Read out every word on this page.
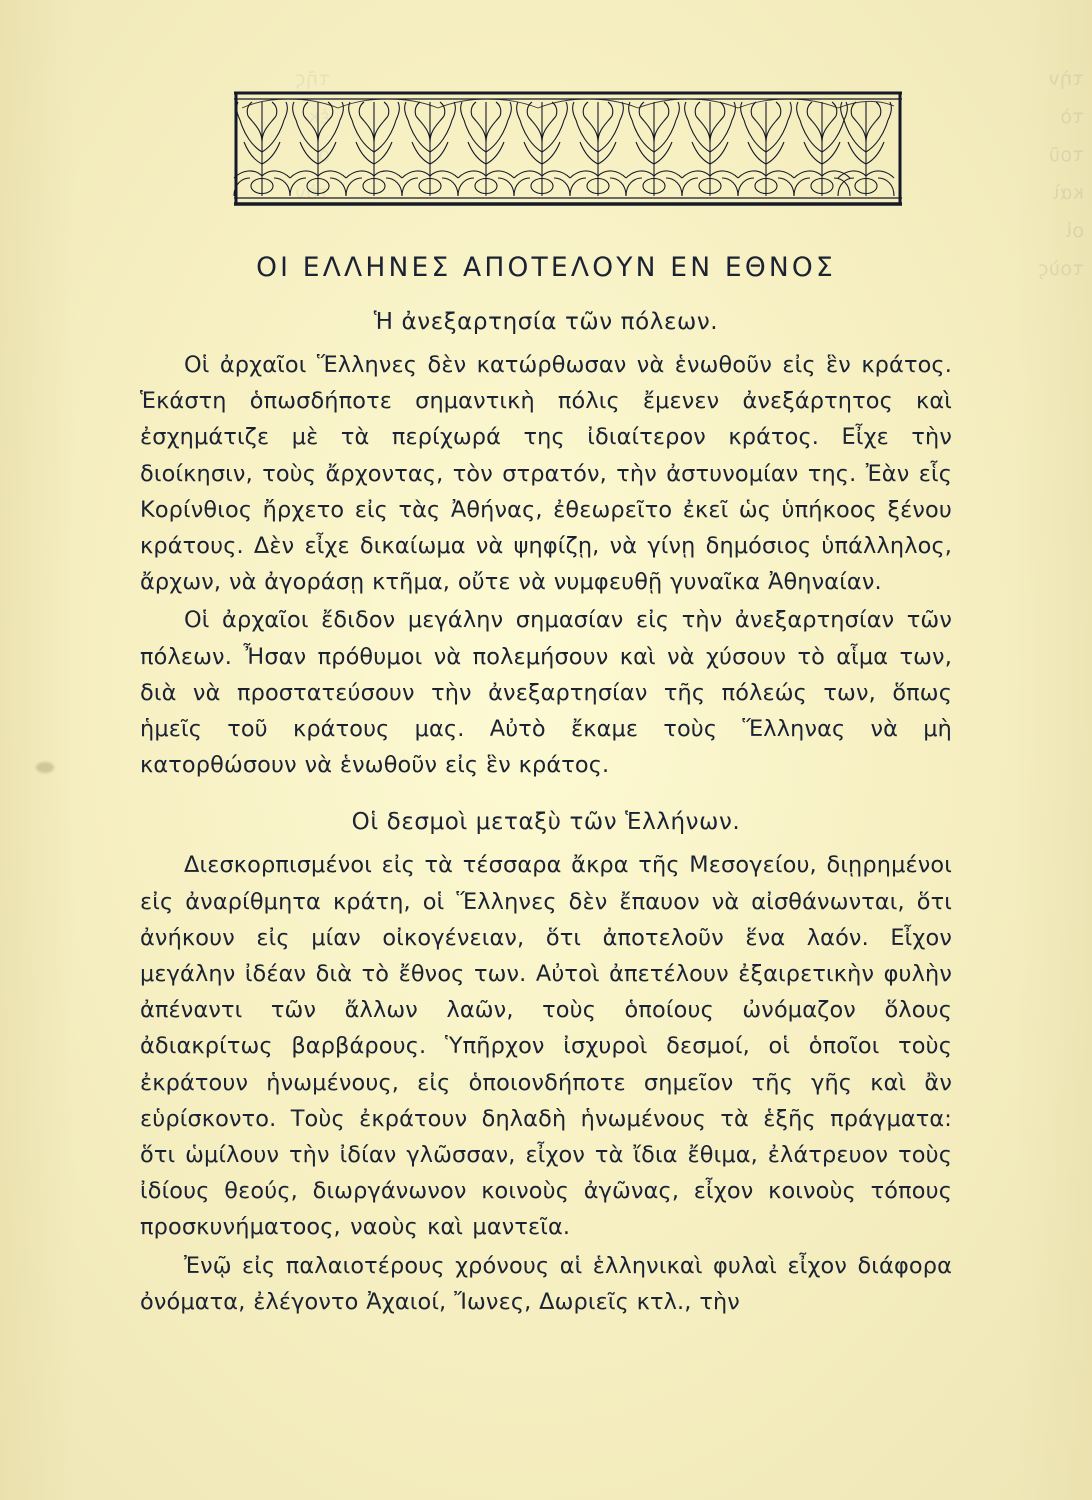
ΟΙ ΕΛΛΗΝΕΣ ΑΠΟΤΕΛΟΥΝ ΕΝ ΕΘΝΟΣ
Ἡ ἀνεξαρτησία τῶν πόλεων.

Οἱ ἀρχαῖοι Ἕλληνες δὲν κατώρθωσαν νὰ ἑνωθοῦν εἰς ἓν κράτος. Ἑκάστη ὁπωσδήποτε σημαντικὴ πόλις ἔμενεν ἀνεξάρτητος καὶ ἐσχημάτιζε μὲ τὰ περίχωρά της ἰδιαίτερον κράτος. Εἶχε τὴν διοίκησιν, τοὺς ἄρχοντας, τὸν στρατόν, τὴν ἀστυνομίαν της. Ἐὰν εἷς Κορίνθιος ἤρχετο εἰς τὰς Ἀθήνας, ἐθεωρεῖτο ἐκεῖ ὡς ὑπήκοος ξένου κράτους. Δὲν εἶχε δικαίωμα νὰ ψηφίζῃ, νὰ γίνῃ δημόσιος ὑπάλληλος, ἄρχων, νὰ ἀγοράσῃ κτῆμα, οὔτε νὰ νυμφευθῇ γυναῖκα Ἀθηναίαν.

Οἱ ἀρχαῖοι ἔδιδον μεγάλην σημασίαν εἰς τὴν ἀνεξαρτησίαν τῶν πόλεων. Ἦσαν πρόθυμοι νὰ πολεμήσουν καὶ νὰ χύσουν τὸ αἷμα των, διὰ νὰ προστατεύσουν τὴν ἀνεξαρτησίαν τῆς πόλεώς των, ὅπως ἡμεῖς τοῦ κράτους μας. Αὐτὸ ἔκαμε τοὺς Ἕλληνας νὰ μὴ κατορθώσουν νὰ ἑνωθοῦν εἰς ἓν κράτος.

Οἱ δεσμοὶ μεταξὺ τῶν Ἑλλήνων.

Διεσκορπισμένοι εἰς τὰ τέσσαρα ἄκρα τῆς Μεσογείου, διῃρημένοι εἰς ἀναρίθμητα κράτη, οἱ Ἕλληνες δὲν ἔπαυον νὰ αἰσθάνωνται, ὅτι ἀνήκουν εἰς μίαν οἰκογένειαν, ὅτι ἀποτελοῦν ἕνα λαόν. Εἶχον μεγάλην ἰδέαν διὰ τὸ ἔθνος των. Αὐτοὶ ἀπετέλουν ἐξαιρετικὴν φυλὴν ἀπέναντι τῶν ἄλλων λαῶν, τοὺς ὁποίους ὠνόμαζον ὅλους ἀδιακρίτως βαρβάρους. Ὑπῆρχον ἰσχυροὶ δεσμοί, οἱ ὁποῖοι τοὺς ἐκράτουν ἡνωμένους, εἰς ὁποιονδήποτε σημεῖον τῆς γῆς καὶ ἂν εὑρίσκοντο. Τοὺς ἐκράτουν δηλαδὴ ἡνωμένους τὰ ἑξῆς πράγματα: ὅτι ὡμίλουν τὴν ἰδίαν γλῶσσαν, εἶχον τὰ ἴδια ἔθιμα, ἐλάτρευον τοὺς ἰδίους θεούς, διωργάνωνον κοινοὺς ἀγῶνας, εἶχον κοινοὺς τόπους προσκυνήματοος, ναοὺς καὶ μαντεῖα.

Ἐνῷ εἰς παλαιοτέρους χρόνους αἱ ἑλληνικαὶ φυλαὶ εἶχον διάφορα ὀνόματα, ἐλέγοντο Ἀχαιοί, Ἴωνες, Δωριεῖς κτλ., τὴν
